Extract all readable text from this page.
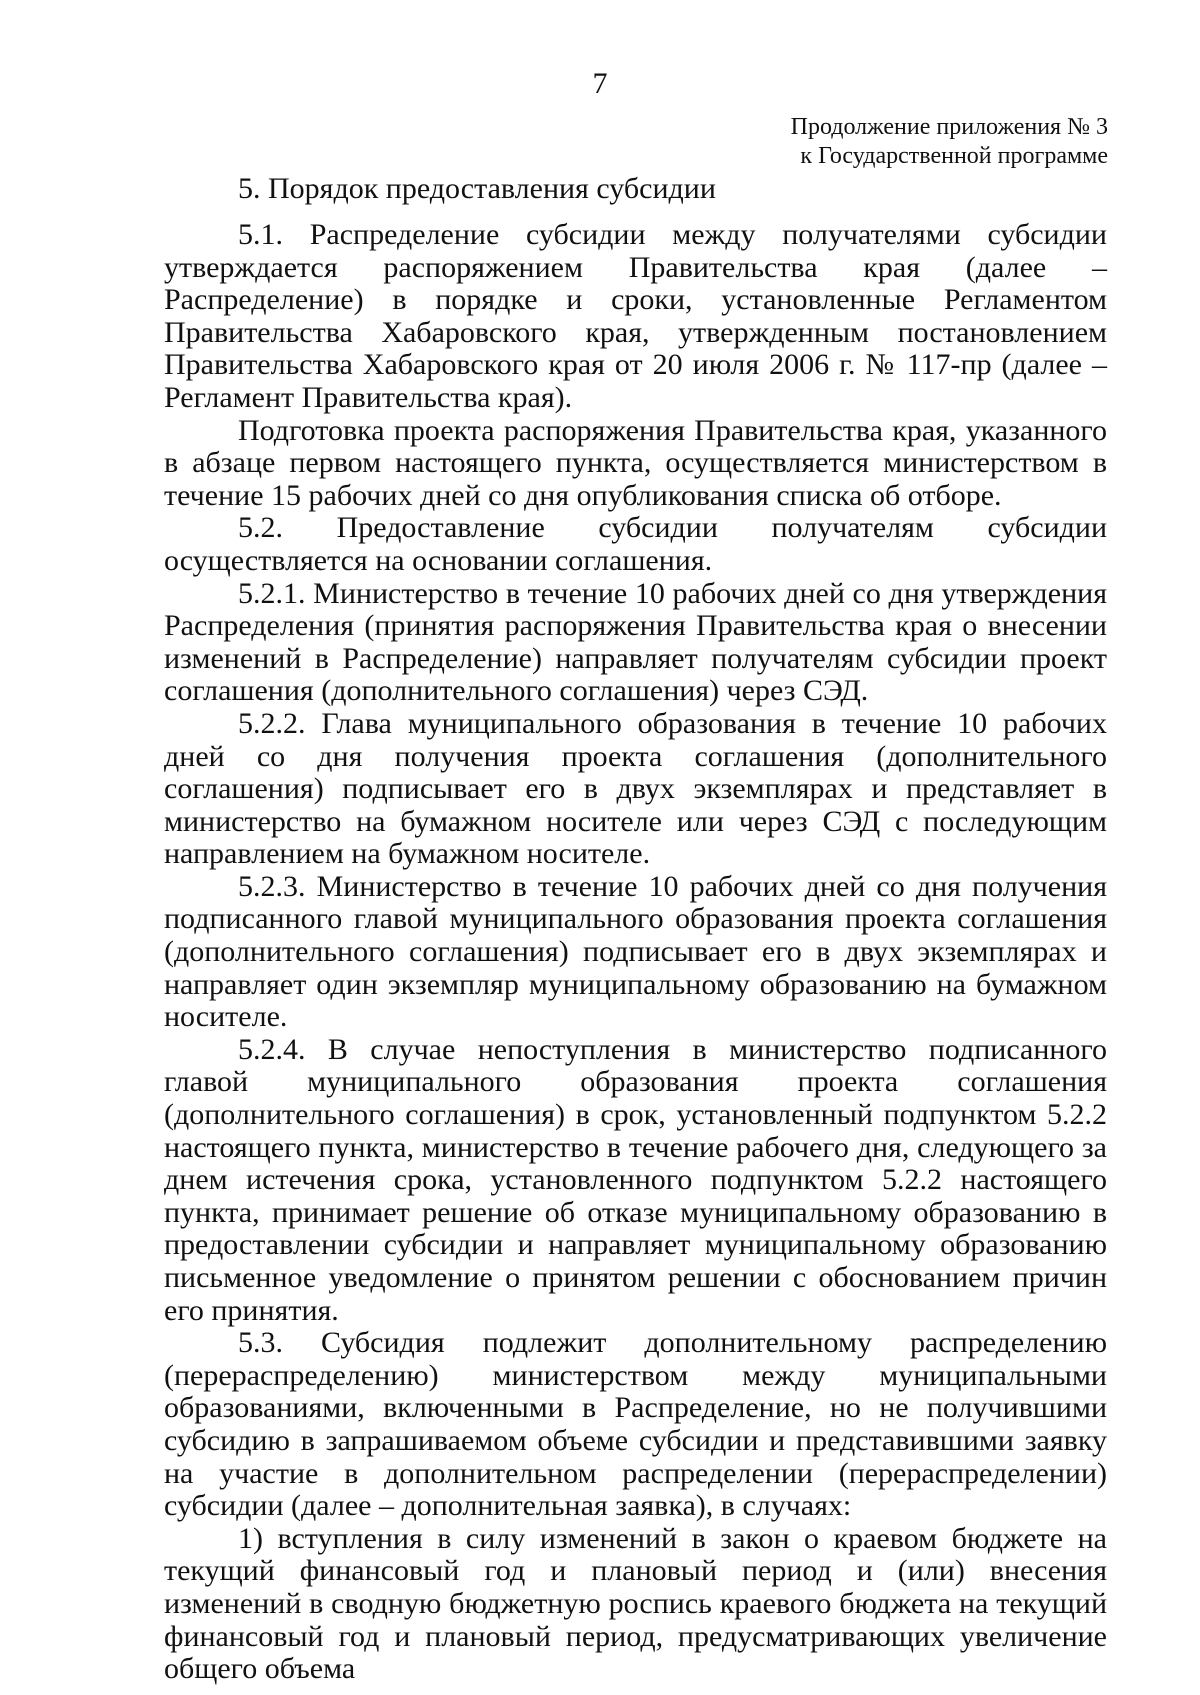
7
Продолжение приложения № 3
к Государственной программе
5. Порядок предоставления субсидии

5.1. Распределение субсидии между получателями субсидии утверждается распоряжением Правительства края (далее – Распределение) в порядке и сроки, установленные Регламентом Правительства Хабаровского края, утвержденным постановлением Правительства Хабаровского края от 20 июля 2006 г. № 117-пр (далее – Регламент Правительства края).

Подготовка проекта распоряжения Правительства края, указанного в абзаце первом настоящего пункта, осуществляется министерством в течение 15 рабочих дней со дня опубликования списка об отборе.

5.2. Предоставление субсидии получателям субсидии осуществляется на основании соглашения.

5.2.1. Министерство в течение 10 рабочих дней со дня утверждения Распределения (принятия распоряжения Правительства края о внесении изменений в Распределение) направляет получателям субсидии проект соглашения (дополнительного соглашения) через СЭД.

5.2.2. Глава муниципального образования в течение 10 рабочих дней со дня получения проекта соглашения (дополнительного соглашения) подписывает его в двух экземплярах и представляет в министерство на бумажном носителе или через СЭД с последующим направлением на бумажном носителе.

5.2.3. Министерство в течение 10 рабочих дней со дня получения подписанного главой муниципального образования проекта соглашения (дополнительного соглашения) подписывает его в двух экземплярах и направляет один экземпляр муниципальному образованию на бумажном носителе.

5.2.4. В случае непоступления в министерство подписанного главой муниципального образования проекта соглашения (дополнительного соглашения) в срок, установленный подпунктом 5.2.2 настоящего пункта, министерство в течение рабочего дня, следующего за днем истечения срока, установленного подпунктом 5.2.2 настоящего пункта, принимает решение об отказе муниципальному образованию в предоставлении субсидии и направляет муниципальному образованию письменное уведомление о принятом решении с обоснованием причин его принятия.

5.3. Субсидия подлежит дополнительному распределению (перераспределению) министерством между муниципальными образованиями, включенными в Распределение, но не получившими субсидию в запрашиваемом объеме субсидии и представившими заявку на участие в дополнительном распределении (перераспределении) субсидии (далее – дополнительная заявка), в случаях:

1) вступления в силу изменений в закон о краевом бюджете на текущий финансовый год и плановый период и (или) внесения изменений в сводную бюджетную роспись краевого бюджета на текущий финансовый год и плановый период, предусматривающих увеличение общего объема
